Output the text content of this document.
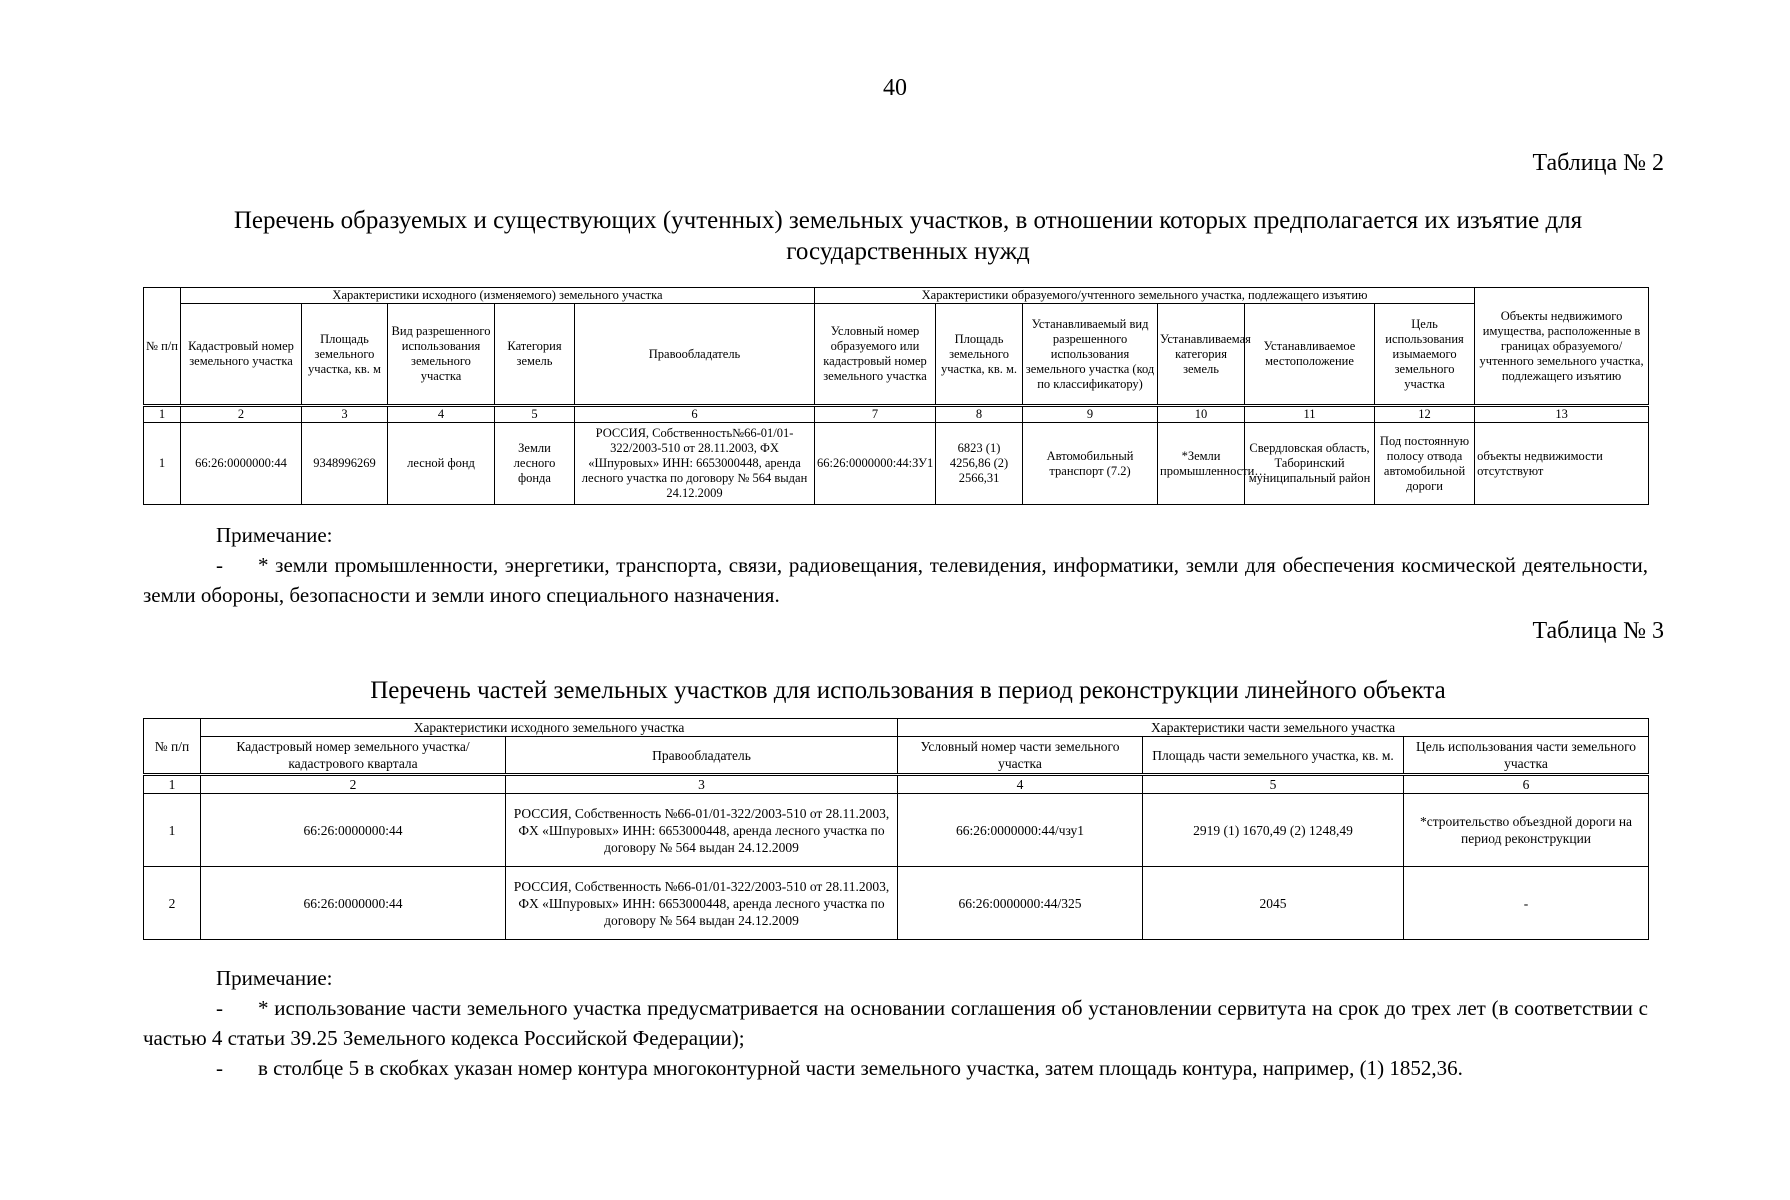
40
Таблица № 2
Перечень образуемых и существующих (учтенных) земельных участков, в отношении которых предполагается их изъятие для государственных нужд
№ п/п	Характеристики исходного (изменяемого) земельного участка					Характеристики образуемого/учтенного земельного участка, подлежащего изъятию						Объекты недвижимого имущества, расположенные в границах образуемого/учтенного земельного участка, подлежащего изъятию
	Кадастровый номер земельного участка	Площадь земельного участка, кв. м	Вид разрешенного использования земельного участка	Категория земель	Правообладатель	Условный номер образуемого или кадастровый номер земельного участка	Площадь земельного участка, кв. м.	Устанавливаемый вид разрешенного использования земельного участка (код по классификатору)	Устанавливаемая категория земель	Устанавливаемое местоположение	Цель использования изымаемого земельного участка	
1	2	3	4	5	6	7	8	9	10	11	12	13
1	66:26:0000000:44	9348996269	лесной фонд	Земли лесного фонда	РОССИЯ, Собственность№66-01/01-322/2003-510 от 28.11.2003, ФХ «Шпуровых» ИНН: 6653000448, аренда лесного участка по договору № 564 выдан 24.12.2009	66:26:0000000:44:ЗУ1	6823 (1) 4256,86 (2) 2566,31	Автомобильный транспорт (7.2)	*Земли промышленности…	Свердловская область, Таборинский муниципальный район	Под постоянную полосу отвода автомобильной дороги	объекты недвижимости отсутствуют

Примечание:

- * земли промышленности, энергетики, транспорта, связи, радиовещания, телевидения, информатики, земли для обеспечения космической деятельности, земли обороны, безопасности и земли иного специального назначения.

Таблица № 3
Перечень частей земельных участков для использования в период реконструкции линейного объекта
№ п/п	Характеристики исходного земельного участка		Характеристики части земельного участка		
	Кадастровый номер земельного участка/кадастрового квартала	Правообладатель	Условный номер части земельного участка	Площадь части земельного участка, кв. м.	Цель использования части земельного участка
1	2	3	4	5	6
1	66:26:0000000:44	РОССИЯ, Собственность №66-01/01-322/2003-510 от 28.11.2003, ФХ «Шпуровых» ИНН: 6653000448, аренда лесного участка по договору № 564 выдан 24.12.2009	66:26:0000000:44/чзу1	2919 (1) 1670,49 (2) 1248,49	*строительство объездной дороги на период реконструкции
2	66:26:0000000:44	РОССИЯ, Собственность №66-01/01-322/2003-510 от 28.11.2003, ФХ «Шпуровых» ИНН: 6653000448, аренда лесного участка по договору № 564 выдан 24.12.2009	66:26:0000000:44/325	2045	-

Примечание:

- * использование части земельного участка предусматривается на основании соглашения об установлении сервитута на срок до трех лет (в соответствии с частью 4 статьи 39.25 Земельного кодекса Российской Федерации);

- в столбце 5 в скобках указан номер контура многоконтурной части земельного участка, затем площадь контура, например, (1) 1852,36.
